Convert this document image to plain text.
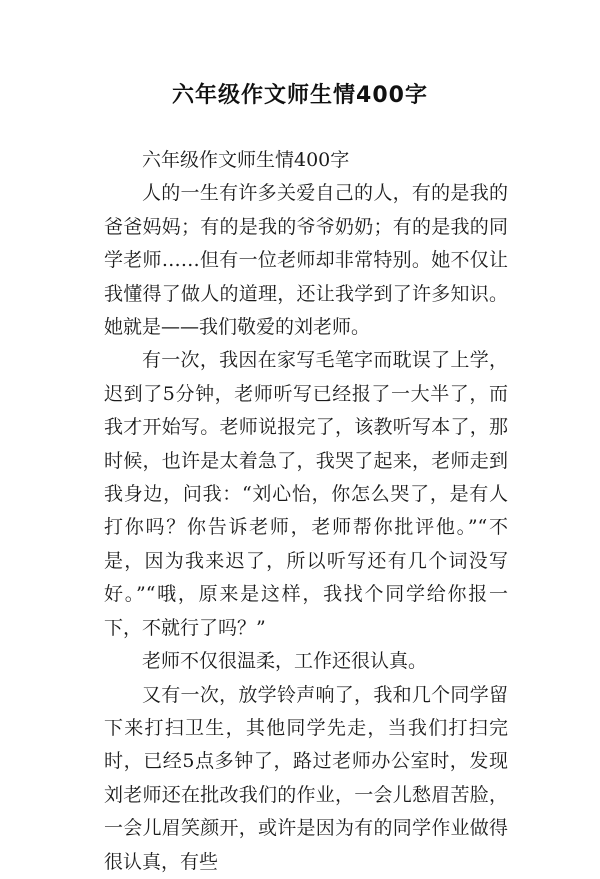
六年级作文师生情400字

六年级作文师生情400字

人的一生有许多关爱自己的人，有的是我的爸爸妈妈；有的是我的爷爷奶奶；有的是我的同学老师……但有一位老师却非常特别。她不仅让我懂得了做人的道理，还让我学到了许多知识。她就是——我们敬爱的刘老师。

有一次，我因在家写毛笔字而耽误了上学，迟到了5分钟，老师听写已经报了一大半了，而我才开始写。老师说报完了，该教听写本了，那时候，也许是太着急了，我哭了起来，老师走到我身边，问我：“刘心怡，你怎么哭了，是有人打你吗？你告诉老师，老师帮你批评他。”“不是，因为我来迟了，所以听写还有几个词没写好。”“哦，原来是这样，我找个同学给你报一下，不就行了吗？”

老师不仅很温柔，工作还很认真。

又有一次，放学铃声响了，我和几个同学留下来打扫卫生，其他同学先走，当我们打扫完时，已经5点多钟了，路过老师办公室时，发现刘老师还在批改我们的作业，一会儿愁眉苦脸，一会儿眉笑颜开，或许是因为有的同学作业做得很认真，有些
